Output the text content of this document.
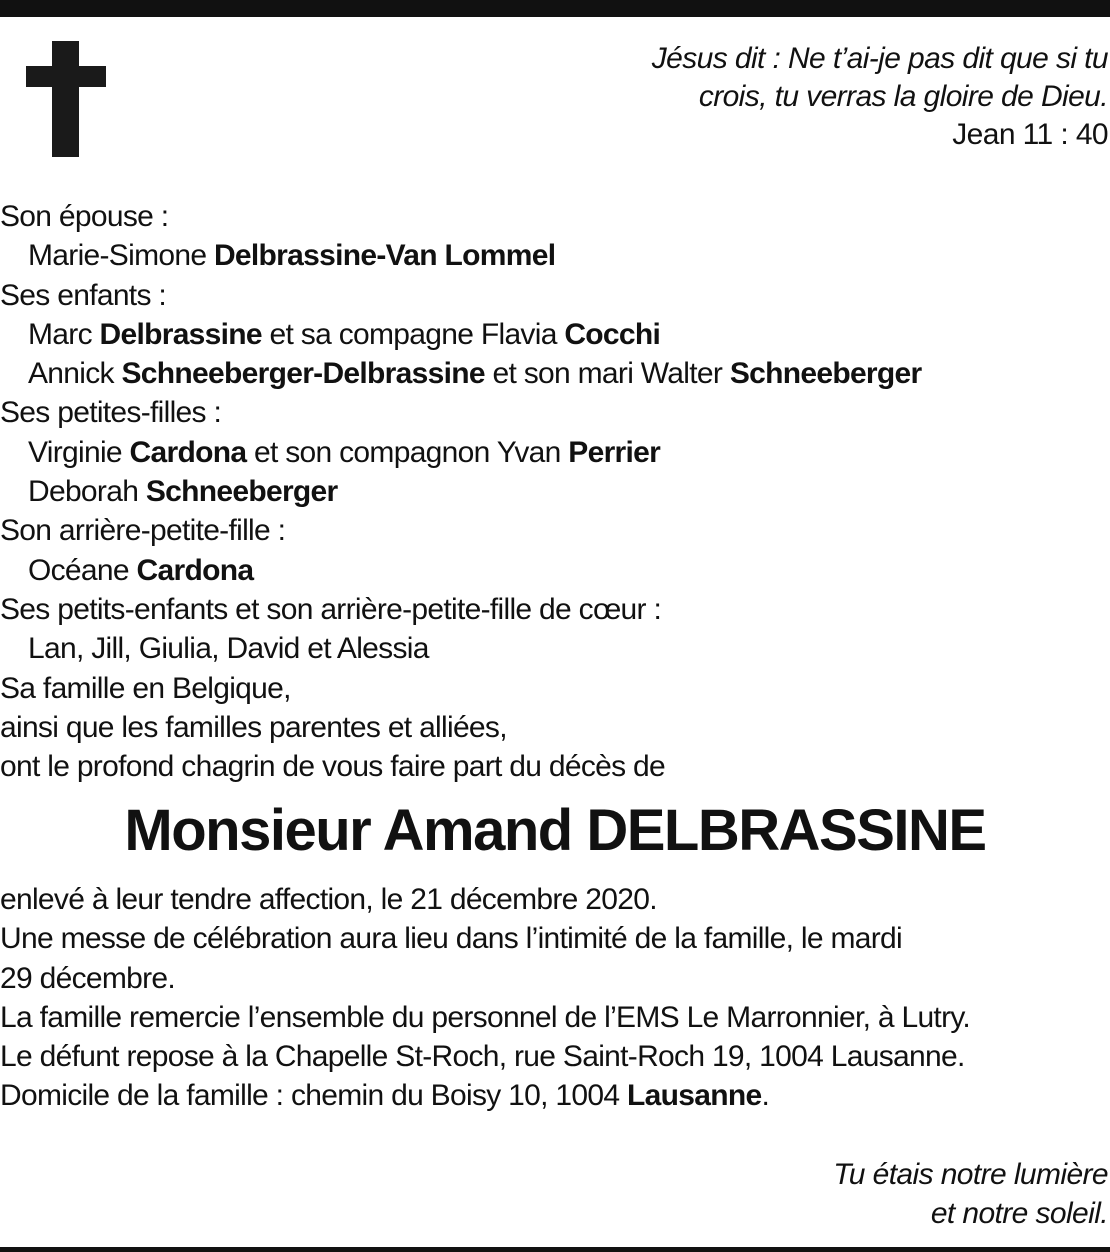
Jésus dit : Ne t’ai-je pas dit que si tu
crois, tu verras la gloire de Dieu.
Jean 11 : 40
Son épouse :
Marie-Simone Delbrassine-Van Lommel
Ses enfants :
Marc Delbrassine et sa compagne Flavia Cocchi
Annick Schneeberger-Delbrassine et son mari Walter Schneeberger
Ses petites-filles :
Virginie Cardona et son compagnon Yvan Perrier
Deborah Schneeberger
Son arrière-petite-fille :
Océane Cardona
Ses petits-enfants et son arrière-petite-fille de cœur :
Lan, Jill, Giulia, David et Alessia
Sa famille en Belgique,
ainsi que les familles parentes et alliées,
ont le profond chagrin de vous faire part du décès de
Monsieur Amand DELBRASSINE
enlevé à leur tendre affection, le 21 décembre 2020.
Une messe de célébration aura lieu dans l’intimité de la famille, le mardi
29 décembre.
La famille remercie l’ensemble du personnel de l’EMS Le Marronnier, à Lutry.
Le défunt repose à la Chapelle St-Roch, rue Saint-Roch 19, 1004 Lausanne.
Domicile de la famille : chemin du Boisy 10, 1004 Lausanne.
Tu étais notre lumière
et notre soleil.
